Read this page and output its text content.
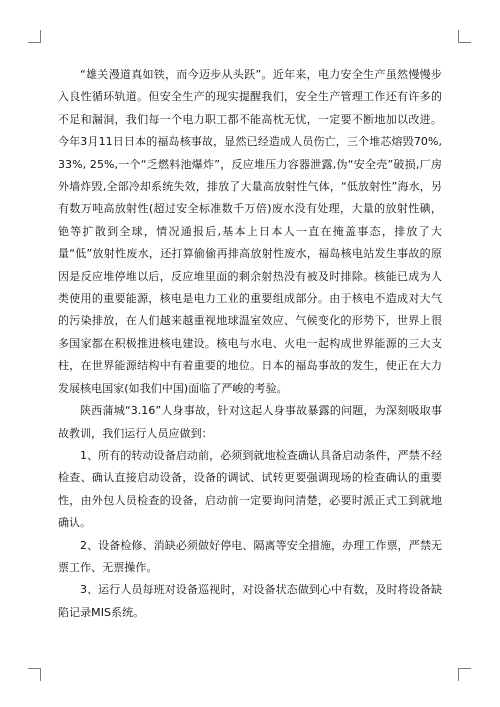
“雄关漫道真如铁，而今迈步从头跃”。近年来，电力安全生产虽然慢慢步入良性循环轨道。但安全生产的现实提醒我们，安全生产管理工作还有许多的不足和漏洞，我们每一个电力职工都不能高枕无忧，一定要不断地加以改进。今年3月11日日本的福岛核事故，显然已经造成人员伤亡，三个堆芯熔毁70%, 33%, 25%,一个“乏燃料池爆炸”，反应堆压力容器泄露,伪“安全壳”破损,厂房外墙炸毁,全部冷却系统失效，排放了大量高放射性气体，“低放射性”海水，另有数万吨高放射性(超过安全标准数千万倍)废水没有处理，大量的放射性碘，铯等扩散到全球，情况通报后,基本上日本人一直在掩盖事态，排放了大量“低”放射性废水，还打算偷偷再排高放射性废水，福岛核电站发生事故的原因是反应堆停堆以后，反应堆里面的剩余射热没有被及时排除。核能已成为人类使用的重要能源，核电是电力工业的重要组成部分。由于核电不造成对大气的污染排放，在人们越来越重视地球温室效应、气候变化的形势下，世界上很多国家都在积极推进核电建设。核电与水电、火电一起构成世界能源的三大支柱，在世界能源结构中有着重要的地位。日本的福岛事故的发生，使正在大力发展核电国家(如我们中国)面临了严峻的考验。

陕西蒲城“3.16”人身事故，针对这起人身事故暴露的问题，为深刻吸取事故教训，我们运行人员应做到：

1、所有的转动设备启动前，必须到就地检查确认具备启动条件，严禁不经检查、确认直接启动设备，设备的调试、试转更要强调现场的检查确认的重要性，由外包人员检查的设备，启动前一定要询问清楚，必要时派正式工到就地确认。

2、设备检修、消缺必须做好停电、隔离等安全措施，办理工作票，严禁无票工作、无票操作。

3、运行人员每班对设备巡视时，对设备状态做到心中有数，及时将设备缺陷记录MIS系统。
